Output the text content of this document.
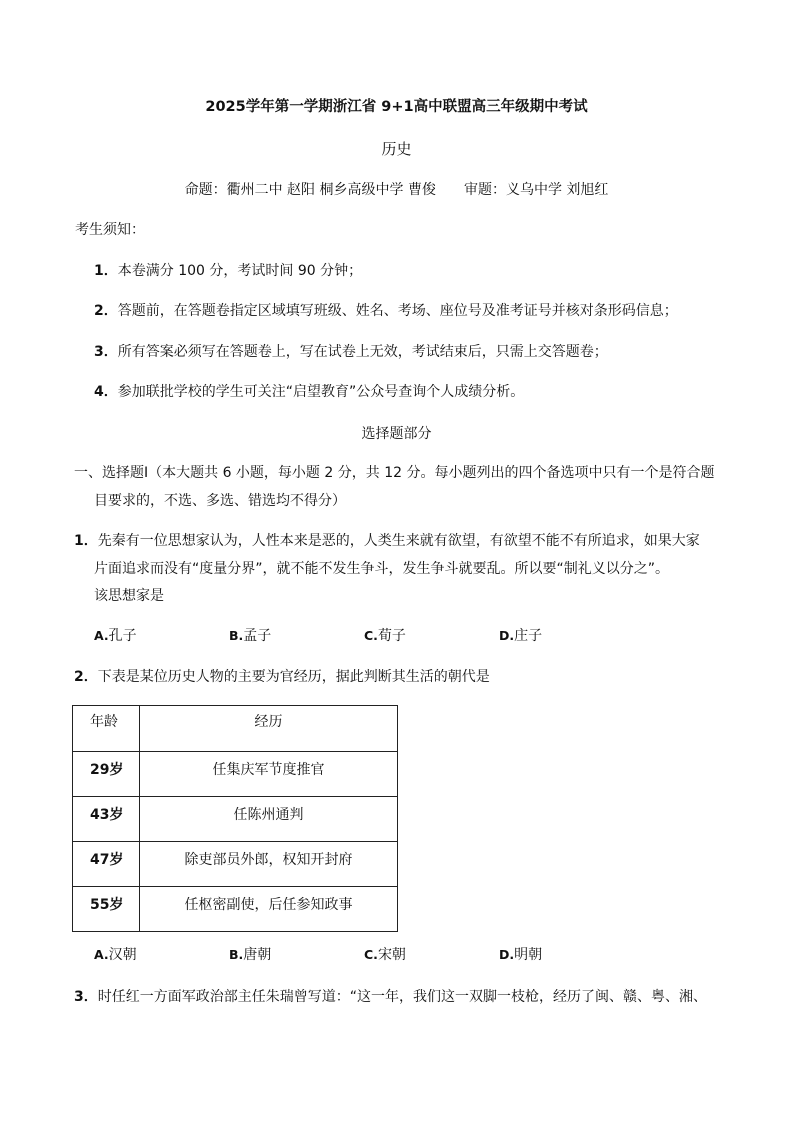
2025学年第一学期浙江省 9+1高中联盟高三年级期中考试
历史
命题：衢州二中 赵阳 桐乡高级中学 曹俊 审题：义乌中学 刘旭红
考生须知：
1．本卷满分 100 分，考试时间 90 分钟；
2．答题前，在答题卷指定区域填写班级、姓名、考场、座位号及准考证号并核对条形码信息；
3．所有答案必须写在答题卷上，写在试卷上无效，考试结束后，只需上交答题卷；
4．参加联批学校的学生可关注“启望教育”公众号查询个人成绩分析。
选择题部分
一、选择题Ⅰ（本大题共 6 小题，每小题 2 分，共 12 分。每小题列出的四个备选项中只有一个是符合题
目要求的，不选、多选、错选均不得分）
1．先秦有一位思想家认为，人性本来是恶的，人类生来就有欲望，有欲望不能不有所追求，如果大家
片面追求而没有“度量分界”，就不能不发生争斗，发生争斗就要乱。所以要“制礼义以分之”。
该思想家是
A.孔子	B.孟子	C.荀子	D.庄子
2．下表是某位历史人物的主要为官经历，据此判断其生活的朝代是
年龄	经历

29岁	任集庆军节度推官

43岁	任陈州通判

47岁	除吏部员外郎，权知开封府

55岁	任枢密副使，后任参知政事
A.汉朝	B.唐朝	C.宋朝	D.明朝
3．时任红一方面军政治部主任朱瑞曾写道：“这一年，我们这一双脚一枝枪，经历了闽、赣、粤、湘、
